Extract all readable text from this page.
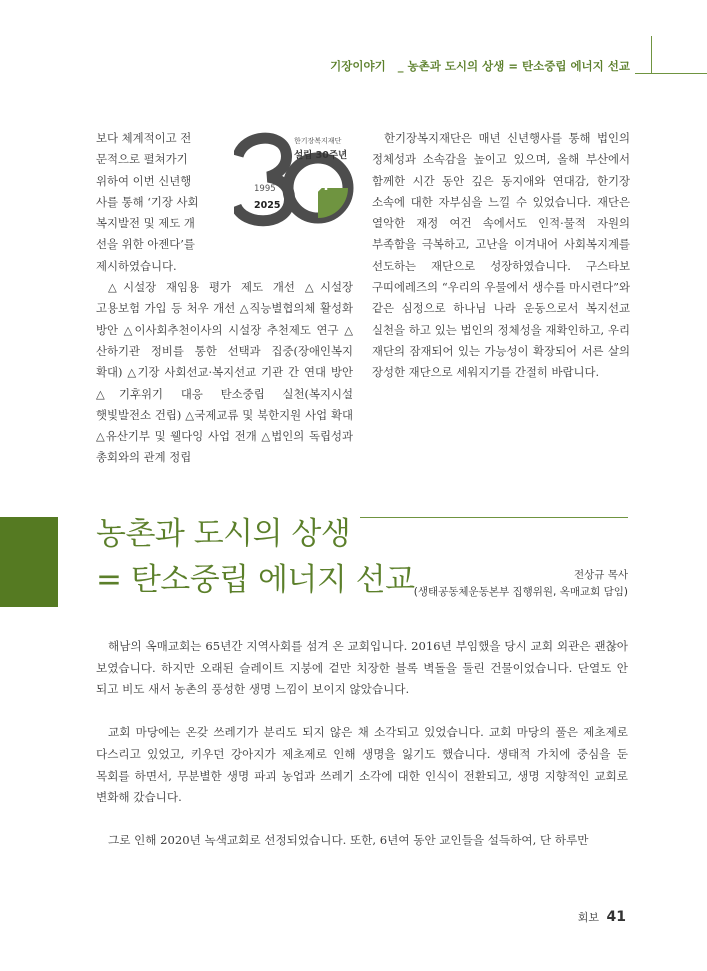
기장이야기 _ 농촌과 도시의 상생 = 탄소중립 에너지 선교
한기장복지재단
설립 30주년
1995
2025
보다 체계적이고 전
문적으로 펼쳐가기
위하여 이번 신년행
사를 통해 ‘기장 사회
복지발전 및 제도 개
선을 위한 아젠다’를
제시하였습니다.

△시설장 재임용 평가 제도 개선 △시설장 고용보험 가입 등 처우 개선 △직능별협의체 활성화 방안 △이사회추천이사의 시설장 추천제도 연구 △산하기관 정비를 통한 선택과 집중(장애인복지 확대) △기장 사회선교·복지선교 기관 간 연대 방안 △기후위기 대응 탄소중립 실천(복지시설 햇빛발전소 건립) △국제교류 및 북한지원 사업 확대 △유산기부 및 웰다잉 사업 전개 △법인의 독립성과 총회와의 관계 정립

한기장복지재단은 매년 신년행사를 통해 법인의 정체성과 소속감을 높이고 있으며, 올해 부산에서 함께한 시간 동안 깊은 동지애와 연대감, 한기장 소속에 대한 자부심을 느낄 수 있었습니다. 재단은 열악한 재정 여건 속에서도 인적·물적 자원의 부족함을 극복하고, 고난을 이겨내어 사회복지계를 선도하는 재단으로 성장하였습니다. 구스타보 구띠에레즈의 “우리의 우물에서 생수를 마시련다”와 같은 심정으로 하나님 나라 운동으로서 복지선교 실천을 하고 있는 법인의 정체성을 재확인하고, 우리 재단의 잠재되어 있는 가능성이 확장되어 서른 살의 장성한 재단으로 세워지기를 간절히 바랍니다.

농촌과 도시의 상생
= 탄소중립 에너지 선교	전상규 목사
(생태공동체운동본부 집행위원, 옥매교회 담임)

해남의 옥매교회는 65년간 지역사회를 섬겨 온 교회입니다. 2016년 부임했을 당시 교회 외관은 괜찮아 보였습니다. 하지만 오래된 슬레이트 지붕에 겉만 치장한 블록 벽돌을 둘린 건물이었습니다. 단열도 안 되고 비도 새서 농촌의 풍성한 생명 느낌이 보이지 않았습니다.

교회 마당에는 온갖 쓰레기가 분리도 되지 않은 채 소각되고 있었습니다. 교회 마당의 풀은 제초제로 다스리고 있었고, 키우던 강아지가 제초제로 인해 생명을 잃기도 했습니다. 생태적 가치에 중심을 둔 목회를 하면서, 무분별한 생명 파괴 농업과 쓰레기 소각에 대한 인식이 전환되고, 생명 지향적인 교회로 변화해 갔습니다.

그로 인해 2020년 녹색교회로 선정되었습니다. 또한, 6년여 동안 교인들을 설득하여, 단 하루만

회보 41
